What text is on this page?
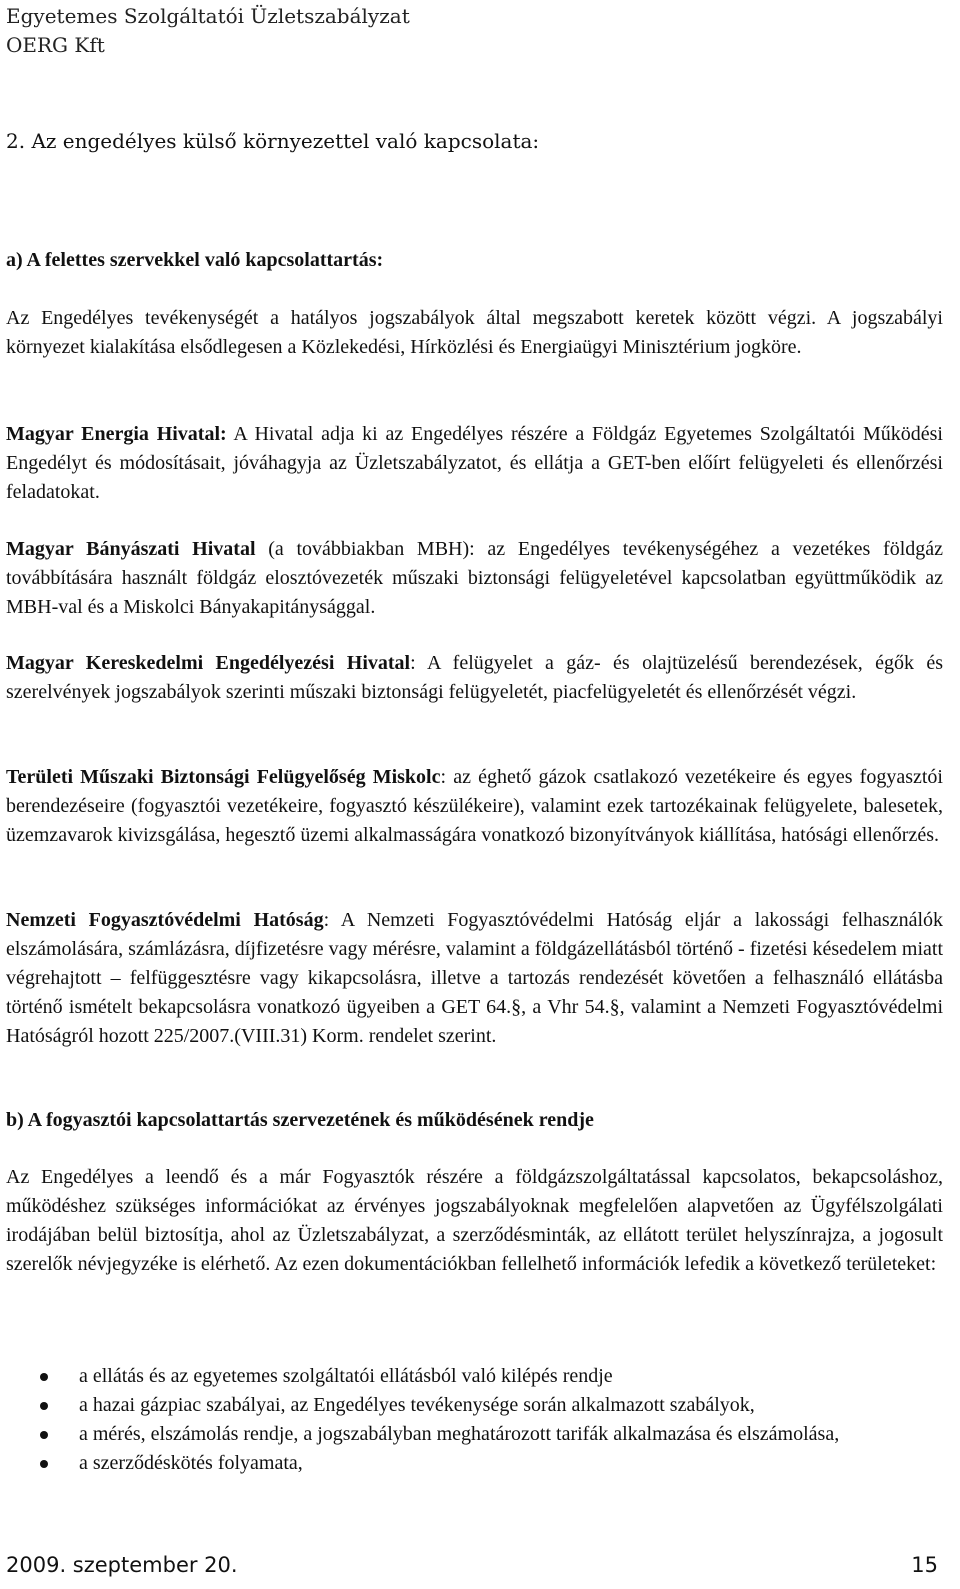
Egyetemes Szolgáltatói Üzletszabályzat
OERG Kft
2. Az engedélyes külső környezettel való kapcsolata:
a) A felettes szervekkel való kapcsolattartás:

Az Engedélyes tevékenységét a hatályos jogszabályok által megszabott keretek között végzi. A jogszabályi környezet kialakítása elsődlegesen a Közlekedési, Hírközlési és Energiaügyi Minisztérium jogköre.

Magyar Energia Hivatal: A Hivatal adja ki az Engedélyes részére a Földgáz Egyetemes Szolgáltatói Működési Engedélyt és módosításait, jóváhagyja az Üzletszabályzatot, és ellátja a GET-ben előírt felügyeleti és ellenőrzési feladatokat.

Magyar Bányászati Hivatal (a továbbiakban MBH): az Engedélyes tevékenységéhez a vezetékes földgáz továbbítására használt földgáz elosztóvezeték műszaki biztonsági felügyeletével kapcsolatban együttműködik az MBH-val és a Miskolci Bányakapitánysággal.

Magyar Kereskedelmi Engedélyezési Hivatal: A felügyelet a gáz- és olajtüzelésű berendezések, égők és szerelvények jogszabályok szerinti műszaki biztonsági felügyeletét, piacfelügyeletét és ellenőrzését végzi.

Területi Műszaki Biztonsági Felügyelőség Miskolc: az éghető gázok csatlakozó vezetékeire és egyes fogyasztói berendezéseire (fogyasztói vezetékeire, fogyasztó készülékeire), valamint ezek tartozékainak felügyelete, balesetek, üzemzavarok kivizsgálása, hegesztő üzemi alkalmasságára vonatkozó bizonyítványok kiállítása, hatósági ellenőrzés.

Nemzeti Fogyasztóvédelmi Hatóság: A Nemzeti Fogyasztóvédelmi Hatóság eljár a lakossági felhasználók elszámolására, számlázásra, díjfizetésre vagy mérésre, valamint a földgázellátásból történő - fizetési késedelem miatt végrehajtott – felfüggesztésre vagy kikapcsolásra, illetve a tartozás rendezését követően a felhasználó ellátásba történő ismételt bekapcsolásra vonatkozó ügyeiben a GET 64.§, a Vhr 54.§, valamint a Nemzeti Fogyasztóvédelmi Hatóságról hozott 225/2007.(VIII.31) Korm. rendelet szerint.

b) A fogyasztói kapcsolattartás szervezetének és működésének rendje

Az Engedélyes a leendő és a már Fogyasztók részére a földgázszolgáltatással kapcsolatos, bekapcsoláshoz, működéshez szükséges információkat az érvényes jogszabályoknak megfelelően alapvetően az Ügyfélszolgálati irodájában belül biztosítja, ahol az Üzletszabályzat, a szerződésminták, az ellátott terület helyszínrajza, a jogosult szerelők névjegyzéke is elérhető. Az ezen dokumentációkban fellelhető információk lefedik a következő területeket:

a ellátás és az egyetemes szolgáltatói ellátásból való kilépés rendje
a hazai gázpiac szabályai, az Engedélyes tevékenysége során alkalmazott szabályok,
a mérés, elszámolás rendje, a jogszabályban meghatározott tarifák alkalmazása és elszámolása,
a szerződéskötés folyamata,
2009. szeptember 20.	15
